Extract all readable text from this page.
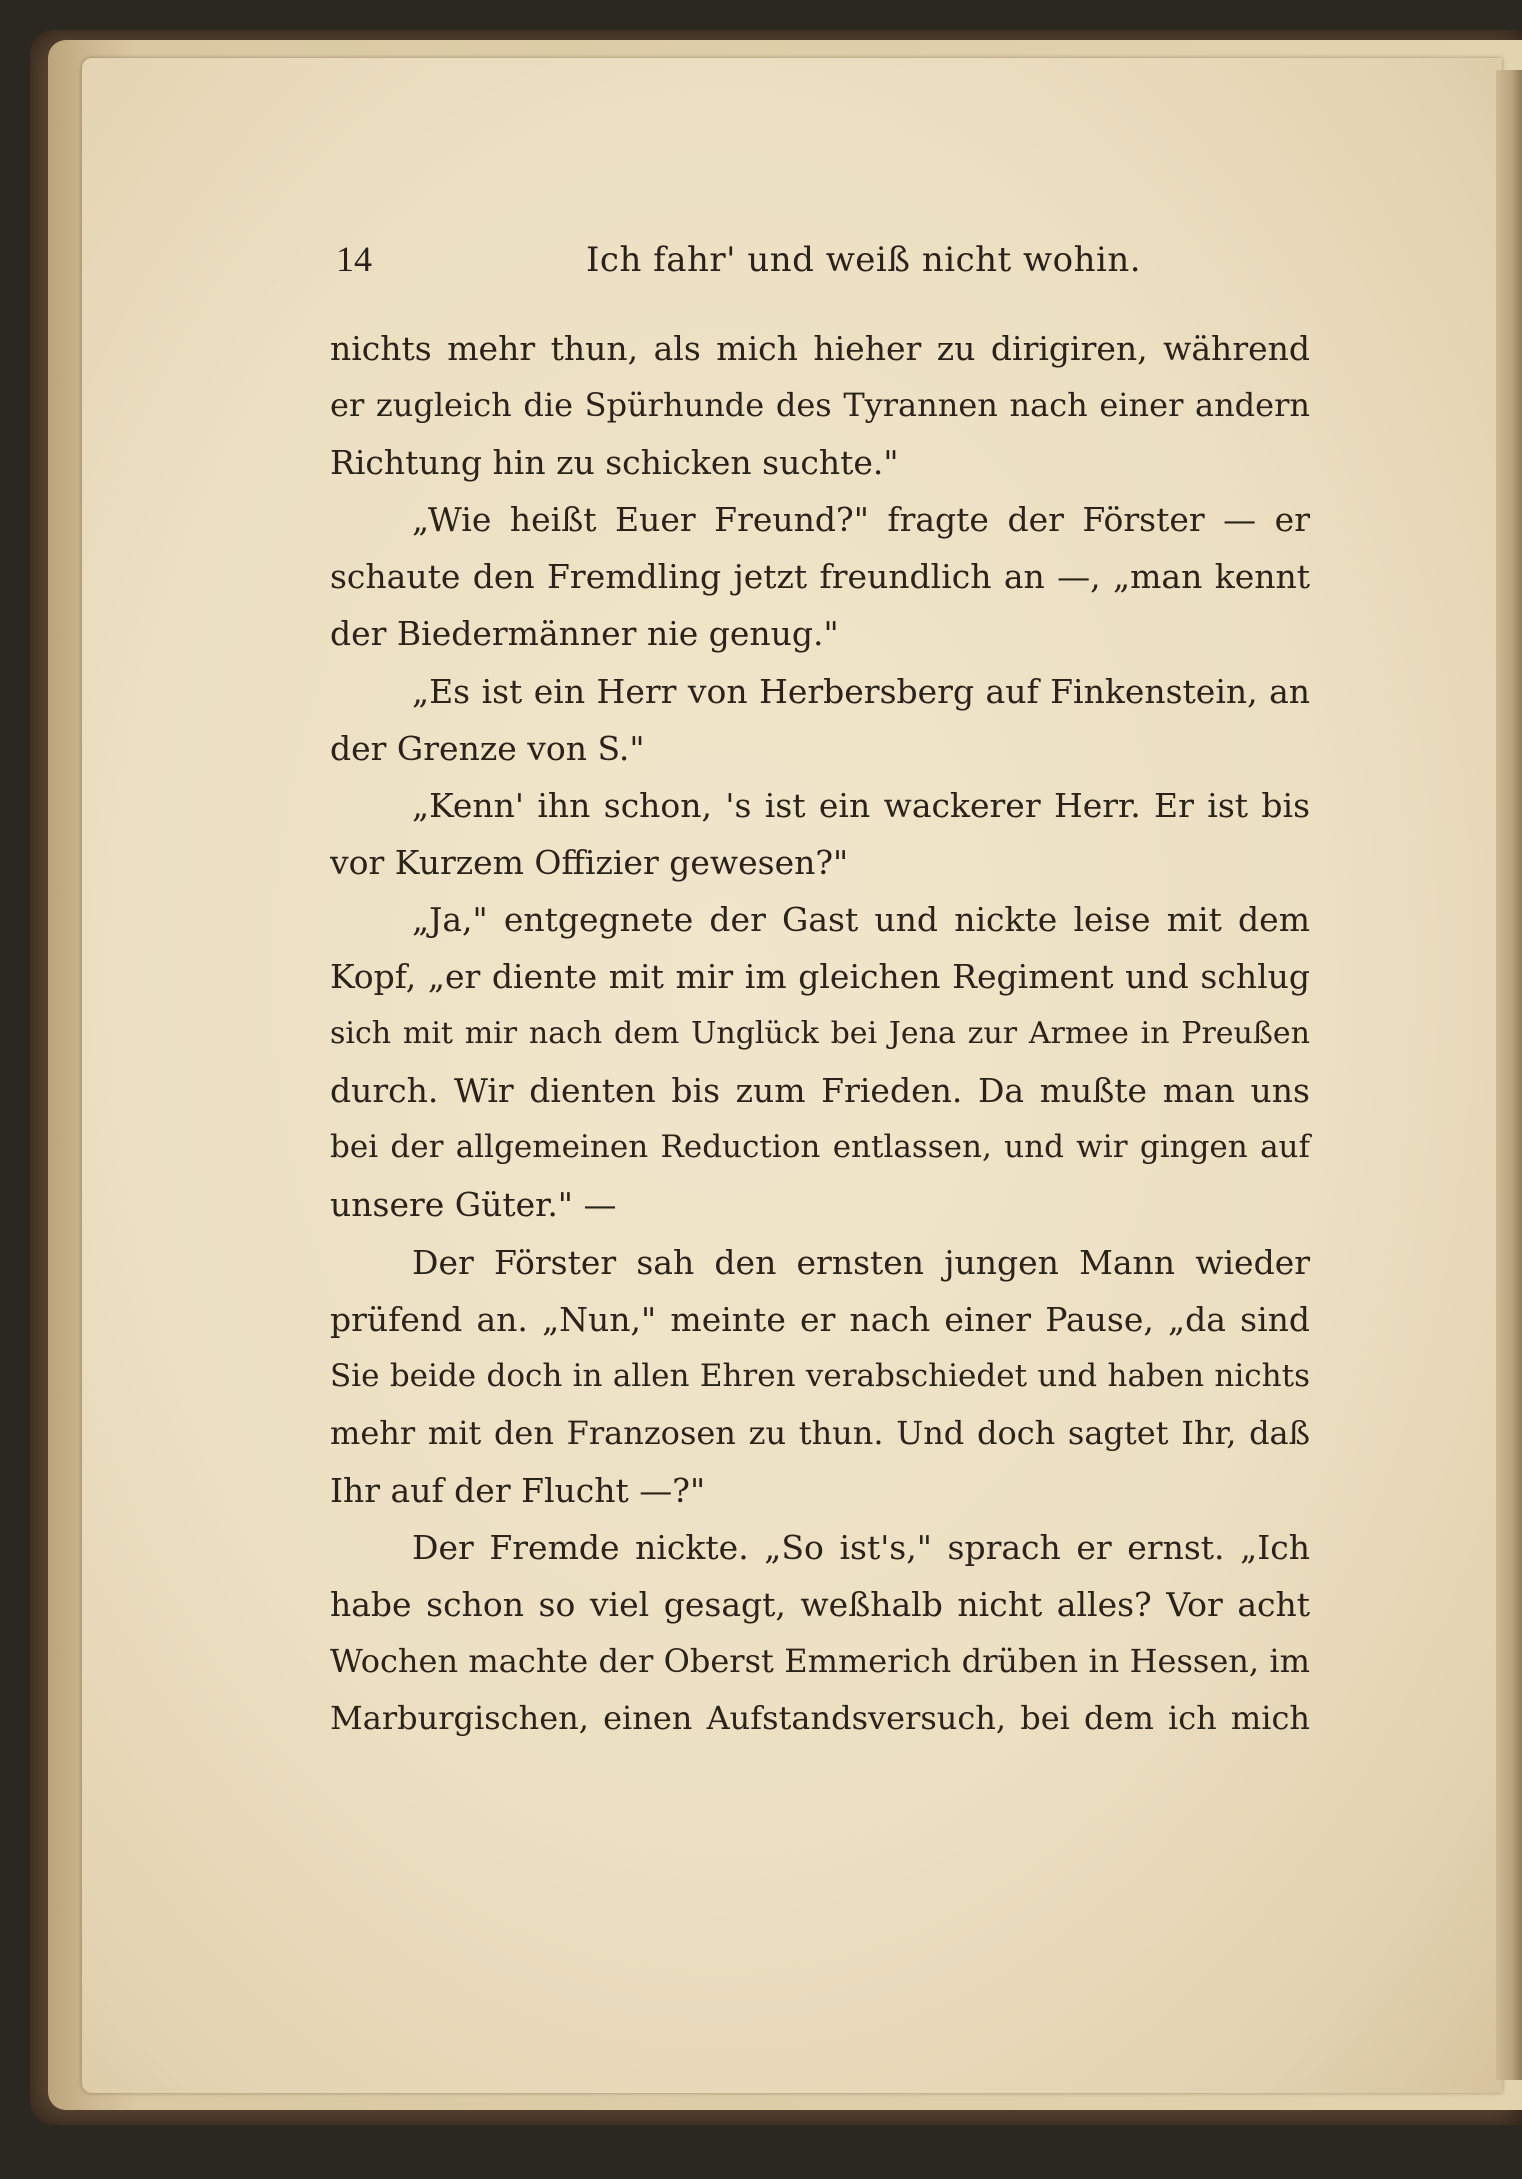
14	Ich fahr' und weiß nicht wohin.
nichts mehr thun, als mich hieher zu dirigiren, während
er zugleich die Spürhunde des Tyrannen nach einer andern
Richtung hin zu schicken suchte."
„Wie heißt Euer Freund?" fragte der Förster — er
schaute den Fremdling jetzt freundlich an —, „man kennt
der Biedermänner nie genug."
„Es ist ein Herr von Herbersberg auf Finkenstein, an
der Grenze von S."
„Kenn' ihn schon, 's ist ein wackerer Herr. Er ist bis
vor Kurzem Offizier gewesen?"
„Ja," entgegnete der Gast und nickte leise mit dem
Kopf, „er diente mit mir im gleichen Regiment und schlug
sich mit mir nach dem Unglück bei Jena zur Armee in Preußen
durch. Wir dienten bis zum Frieden. Da mußte man uns
bei der allgemeinen Reduction entlassen, und wir gingen auf
unsere Güter." —
Der Förster sah den ernsten jungen Mann wieder
prüfend an. „Nun," meinte er nach einer Pause, „da sind
Sie beide doch in allen Ehren verabschiedet und haben nichts
mehr mit den Franzosen zu thun. Und doch sagtet Ihr, daß
Ihr auf der Flucht —?"
Der Fremde nickte. „So ist's," sprach er ernst. „Ich
habe schon so viel gesagt, weßhalb nicht alles? Vor acht
Wochen machte der Oberst Emmerich drüben in Hessen, im
Marburgischen, einen Aufstandsversuch, bei dem ich mich
